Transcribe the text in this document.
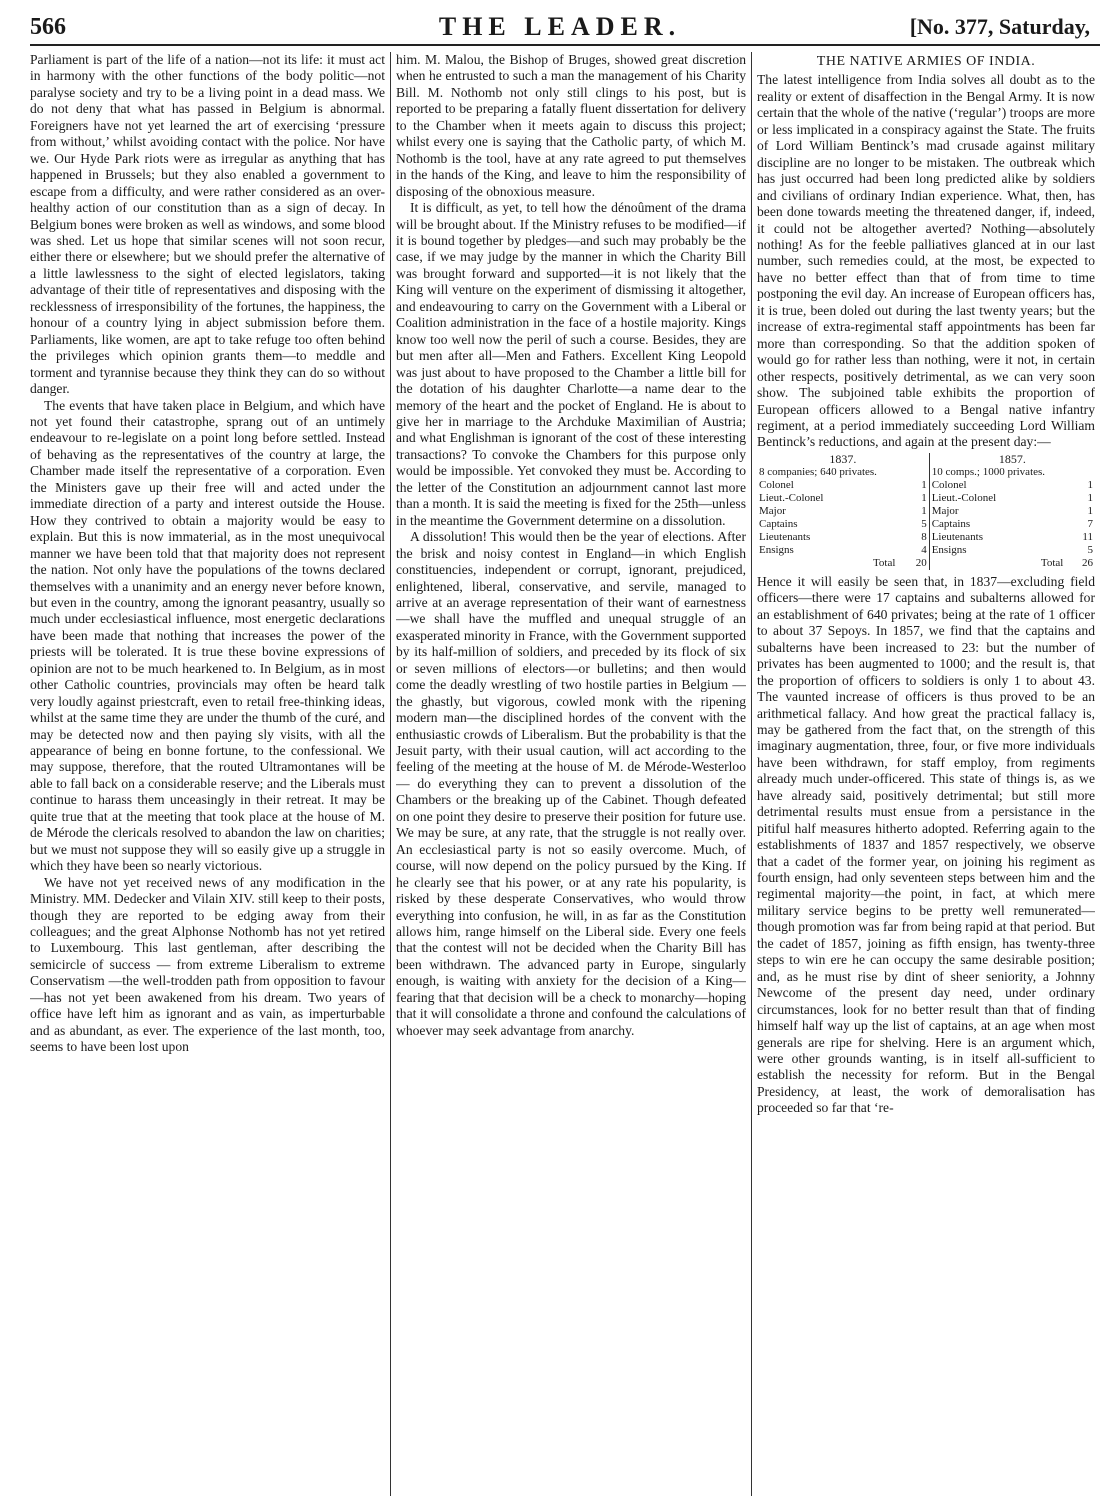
566	THE LEADER.	[No. 377, Saturday,

Parliament is part of the life of a nation—not its life: it must act in harmony with the other functions of the body politic—not paralyse society and try to be a living point in a dead mass. We do not deny that what has passed in Belgium is abnormal. Foreigners have not yet learned the art of exercising ‘pressure from without,’ whilst avoiding contact with the police. Nor have we. Our Hyde Park riots were as irregular as anything that has happened in Brussels; but they also enabled a government to escape from a difficulty, and were rather considered as an over-healthy action of our constitution than as a sign of decay. In Belgium bones were broken as well as windows, and some blood was shed. Let us hope that similar scenes will not soon recur, either there or elsewhere; but we should prefer the alternative of a little lawlessness to the sight of elected legislators, taking advantage of their title of representatives and disposing with the recklessness of irresponsibility of the fortunes, the happiness, the honour of a country lying in abject submission before them. Parliaments, like women, are apt to take refuge too often behind the privileges which opinion grants them—to meddle and torment and tyrannise because they think they can do so without danger.

The events that have taken place in Belgium, and which have not yet found their catastrophe, sprang out of an untimely endeavour to re-legislate on a point long before settled. Instead of behaving as the representatives of the country at large, the Chamber made itself the representative of a corporation. Even the Ministers gave up their free will and acted under the immediate direction of a party and interest outside the House. How they contrived to obtain a majority would be easy to explain. But this is now immaterial, as in the most unequivocal manner we have been told that that majority does not represent the nation. Not only have the populations of the towns declared themselves with a unanimity and an energy never before known, but even in the country, among the ignorant peasantry, usually so much under ecclesiastical influence, most energetic declarations have been made that nothing that increases the power of the priests will be tolerated. It is true these bovine expressions of opinion are not to be much hearkened to. In Belgium, as in most other Catholic countries, provincials may often be heard talk very loudly against priestcraft, even to retail free-thinking ideas, whilst at the same time they are under the thumb of the curé, and may be detected now and then paying sly visits, with all the appearance of being en bonne fortune, to the confessional. We may suppose, therefore, that the routed Ultramontanes will be able to fall back on a considerable reserve; and the Liberals must continue to harass them unceasingly in their retreat. It may be quite true that at the meeting that took place at the house of M. de Mérode the clericals resolved to abandon the law on charities; but we must not suppose they will so easily give up a struggle in which they have been so nearly victorious.

We have not yet received news of any modification in the Ministry. MM. Dedecker and Vilain XIV. still keep to their posts, though they are reported to be edging away from their colleagues; and the great Alphonse Nothomb has not yet retired to Luxembourg. This last gentleman, after describing the semicircle of success — from extreme Liberalism to extreme Conservatism —the well-trodden path from opposition to favour—has not yet been awakened from his dream. Two years of office have left him as ignorant and as vain, as imperturbable and as abundant, as ever. The experience of the last month, too, seems to have been lost upon

him. M. Malou, the Bishop of Bruges, showed great discretion when he entrusted to such a man the management of his Charity Bill. M. Nothomb not only still clings to his post, but is reported to be preparing a fatally fluent dissertation for delivery to the Chamber when it meets again to discuss this project; whilst every one is saying that the Catholic party, of which M. Nothomb is the tool, have at any rate agreed to put themselves in the hands of the King, and leave to him the responsibility of disposing of the obnoxious measure.

It is difficult, as yet, to tell how the dénoûment of the drama will be brought about. If the Ministry refuses to be modified—if it is bound together by pledges—and such may probably be the case, if we may judge by the manner in which the Charity Bill was brought forward and supported—it is not likely that the King will venture on the experiment of dismissing it altogether, and endeavouring to carry on the Government with a Liberal or Coalition administration in the face of a hostile majority. Kings know too well now the peril of such a course. Besides, they are but men after all—Men and Fathers. Excellent King Leopold was just about to have proposed to the Chamber a little bill for the dotation of his daughter Charlotte—a name dear to the memory of the heart and the pocket of England. He is about to give her in marriage to the Archduke Maximilian of Austria; and what Englishman is ignorant of the cost of these interesting transactions? To convoke the Chambers for this purpose only would be impossible. Yet convoked they must be. According to the letter of the Constitution an adjournment cannot last more than a month. It is said the meeting is fixed for the 25th—unless in the meantime the Government determine on a dissolution.

A dissolution! This would then be the year of elections. After the brisk and noisy contest in England—in which English constituencies, independent or corrupt, ignorant, prejudiced, enlightened, liberal, conservative, and servile, managed to arrive at an average representation of their want of earnestness —we shall have the muffled and unequal struggle of an exasperated minority in France, with the Government supported by its half-million of soldiers, and preceded by its flock of six or seven millions of electors—or bulletins; and then would come the deadly wrestling of two hostile parties in Belgium —the ghastly, but vigorous, cowled monk with the ripening modern man—the disciplined hordes of the convent with the enthusiastic crowds of Liberalism. But the probability is that the Jesuit party, with their usual caution, will act according to the feeling of the meeting at the house of M. de Mérode-Westerloo — do everything they can to prevent a dissolution of the Chambers or the breaking up of the Cabinet. Though defeated on one point they desire to preserve their position for future use. We may be sure, at any rate, that the struggle is not really over. An ecclesiastical party is not so easily overcome. Much, of course, will now depend on the policy pursued by the King. If he clearly see that his power, or at any rate his popularity, is risked by these desperate Conservatives, who would throw everything into confusion, he will, in as far as the Constitution allows him, range himself on the Liberal side. Every one feels that the contest will not be decided when the Charity Bill has been withdrawn. The advanced party in Europe, singularly enough, is waiting with anxiety for the decision of a King—fearing that that decision will be a check to monarchy—hoping that it will consolidate a throne and confound the calculations of whoever may seek advantage from anarchy.

THE NATIVE ARMIES OF INDIA.

The latest intelligence from India solves all doubt as to the reality or extent of disaffection in the Bengal Army. It is now certain that the whole of the native (‘regular’) troops are more or less implicated in a conspiracy against the State. The fruits of Lord William Bentinck’s mad crusade against military discipline are no longer to be mistaken. The outbreak which has just occurred had been long predicted alike by soldiers and civilians of ordinary Indian experience. What, then, has been done towards meeting the threatened danger, if, indeed, it could not be altogether averted? Nothing—absolutely nothing! As for the feeble palliatives glanced at in our last number, such remedies could, at the most, be expected to have no better effect than that of from time to time postponing the evil day. An increase of European officers has, it is true, been doled out during the last twenty years; but the increase of extra-regimental staff appointments has been far more than corresponding. So that the addition spoken of would go for rather less than nothing, were it not, in certain other respects, positively detrimental, as we can very soon show. The subjoined table exhibits the proportion of European officers allowed to a Bengal native infantry regiment, at a period immediately succeeding Lord William Bentinck’s reductions, and again at the present day:—

1837.		1857.	
8 companies; 640 privates.		10 comps.; 1000 privates.	
Colonel	1	Colonel	1
Lieut.-Colonel	1	Lieut.-Colonel	1
Major	1	Major	1
Captains	5	Captains	7
Lieutenants	8	Lieutenants	11
Ensigns	4	Ensigns	5
Total	20	Total	26

Hence it will easily be seen that, in 1837—excluding field officers—there were 17 captains and subalterns allowed for an establishment of 640 privates; being at the rate of 1 officer to about 37 Sepoys. In 1857, we find that the captains and subalterns have been increased to 23: but the number of privates has been augmented to 1000; and the result is, that the proportion of officers to soldiers is only 1 to about 43. The vaunted increase of officers is thus proved to be an arithmetical fallacy. And how great the practical fallacy is, may be gathered from the fact that, on the strength of this imaginary augmentation, three, four, or five more individuals have been withdrawn, for staff employ, from regiments already much under-officered. This state of things is, as we have already said, positively detrimental; but still more detrimental results must ensue from a persistance in the pitiful half measures hitherto adopted. Referring again to the establishments of 1837 and 1857 respectively, we observe that a cadet of the former year, on joining his regiment as fourth ensign, had only seventeen steps between him and the regimental majority—the point, in fact, at which mere military service begins to be pretty well remunerated—though promotion was far from being rapid at that period. But the cadet of 1857, joining as fifth ensign, has twenty-three steps to win ere he can occupy the same desirable position; and, as he must rise by dint of sheer seniority, a Johnny Newcome of the present day need, under ordinary circumstances, look for no better result than that of finding himself half way up the list of captains, at an age when most generals are ripe for shelving. Here is an argument which, were other grounds wanting, is in itself all-sufficient to establish the necessity for reform. But in the Bengal Presidency, at least, the work of demoralisation has proceeded so far that ‘re-
